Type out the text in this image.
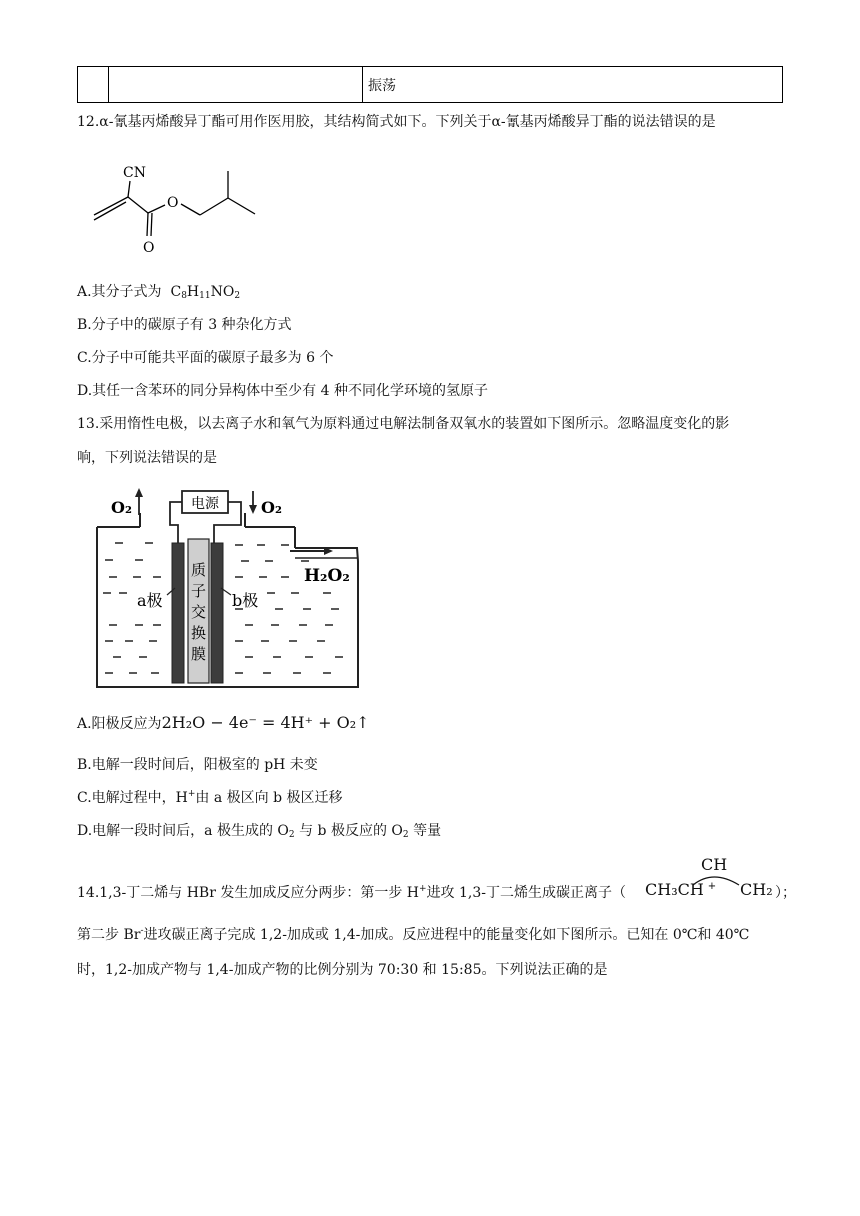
		振荡
12.α-氰基丙烯酸异丁酯可用作医用胶，其结构简式如下。下列关于α-氰基丙烯酸异丁酯的说法错误的是
CN
O
O
A.其分子式为 $C_8H_{11}NO_2$
B.分子中的碳原子有 3 种杂化方式
C.分子中可能共平面的碳原子最多为 6 个
D.其任一含苯环的同分异构体中至少有 4 种不同化学环境的氢原子
13.采用惰性电极，以去离子水和氧气为原料通过电解法制备双氧水的装置如下图所示。忽略温度变化的影
响，下列说法错误的是
电源
O₂	O₂
H₂O₂
质
子
交
换
膜
a极	b极
A.阳极反应为2H₂O − 4e⁻ = 4H⁺ + O₂↑
B.电解一段时间后，阳极室的 pH 未变
C.电解过程中，H+由 a 极区向 b 极区迁移
D.电解一段时间后，a 极生成的 $O_2$ 与 b 极反应的 $O_2$ 等量
14.1,3-丁二烯与 HBr 发生加成反应分两步：第一步 H+进攻 1,3-丁二烯生成碳正离子（
CH
CH₃CH CH₂
+	）；
第二步 Br-进攻碳正离子完成 1,2-加成或 1,4-加成。反应进程中的能量变化如下图所示。已知在 0℃和 40℃
时，1,2-加成产物与 1,4-加成产物的比例分别为 70:30 和 15:85。下列说法正确的是
